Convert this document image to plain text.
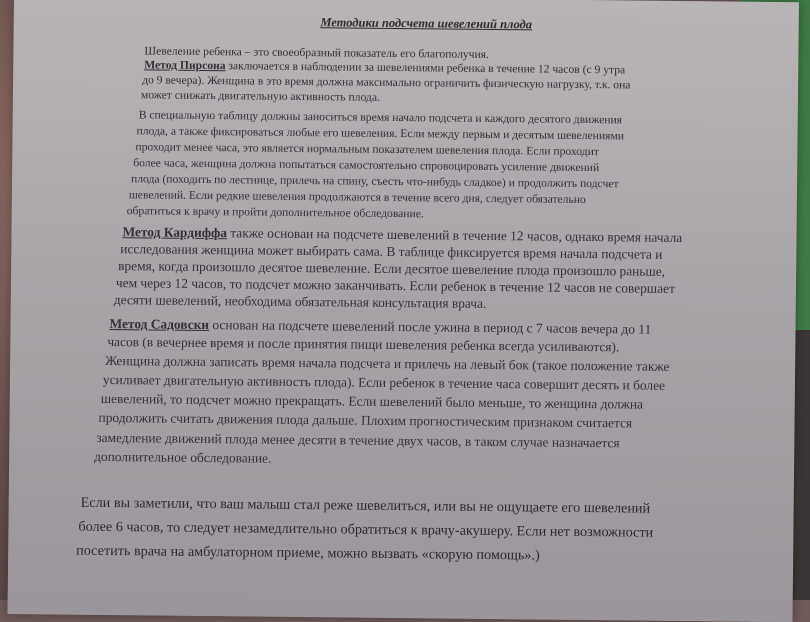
Методики подсчета шевелений плода
Шевеление ребенка – это своеобразный показатель его благополучия.
Метод Пирсона заключается в наблюдении за шевелениями ребенка в течение 12 часов (с 9 утра
до 9 вечера). Женщина в это время должна максимально ограничить физическую нагрузку, т.к. она
может снижать двигательную активность плода.
В специальную таблицу должны заноситься время начало подсчета и каждого десятого движения
плода, а также фиксироваться любые его шевеления. Если между первым и десятым шевелениями
проходит менее часа, это является нормальным показателем шевеления плода. Если проходит
более часа, женщина должна попытаться самостоятельно спровоцировать усиление движений
плода (походить по лестнице, прилечь на спину, съесть что-нибудь сладкое) и продолжить подсчет
шевелений. Если редкие шевеления продолжаются в течение всего дня, следует обязательно
обратиться к врачу и пройти дополнительное обследование.
Метод Кардиффа также основан на подсчете шевелений в течение 12 часов, однако время начала
исследования женщина может выбирать сама. В таблице фиксируется время начала подсчета и
время, когда произошло десятое шевеление. Если десятое шевеление плода произошло раньше,
чем через 12 часов, то подсчет можно заканчивать. Если ребенок в течение 12 часов не совершает
десяти шевелений, необходима обязательная консультация врача.
Метод Садовски основан на подсчете шевелений после ужина в период с 7 часов вечера до 11
часов (в вечернее время и после принятия пищи шевеления ребенка всегда усиливаются).
Женщина должна записать время начала подсчета и прилечь на левый бок (такое положение также
усиливает двигательную активность плода). Если ребенок в течение часа совершит десять и более
шевелений, то подсчет можно прекращать. Если шевелений было меньше, то женщина должна
продолжить считать движения плода дальше. Плохим прогностическим признаком считается
замедление движений плода менее десяти в течение двух часов, в таком случае назначается
дополнительное обследование.
Если вы заметили, что ваш малыш стал реже шевелиться, или вы не ощущаете его шевелений
более 6 часов, то следует незамедлительно обратиться к врачу-акушеру. Если нет возможности
посетить врача на амбулаторном приеме, можно вызвать «скорую помощь».)
